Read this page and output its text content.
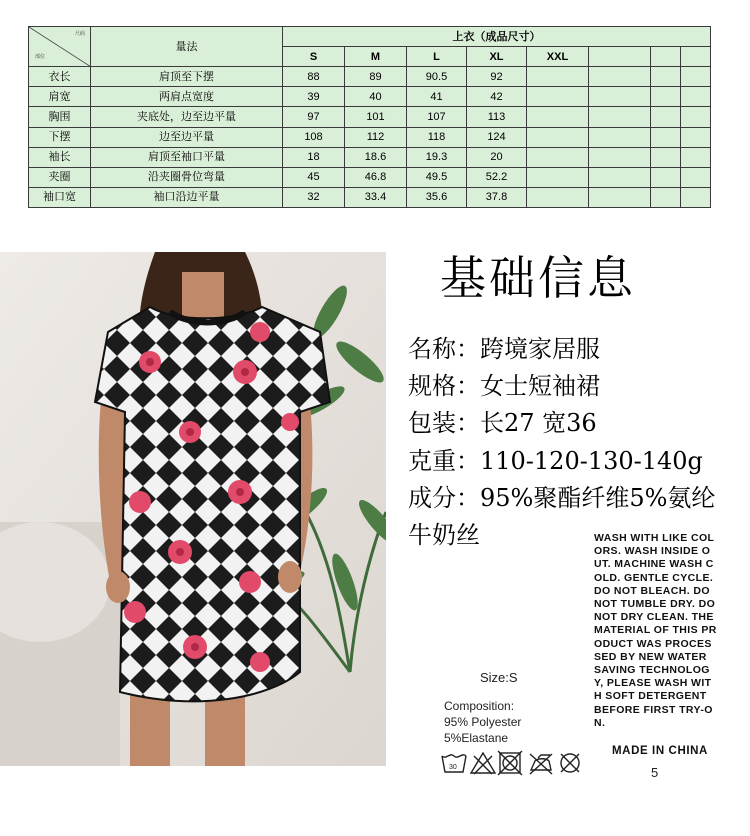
尺码
部位	量法	上衣（成品尺寸）							
		S	M	L	XL	XXL			
衣长	肩顶至下摆	88	89	90.5	92				
肩宽	两肩点宽度	39	40	41	42				
胸围	夹底处，边至边平量	97	101	107	113				
下摆	边至边平量	108	112	118	124				
袖长	肩顶至袖口平量	18	18.6	19.3	20				
夹圈	沿夹圈骨位弯量	45	46.8	49.5	52.2				
袖口宽	袖口沿边平量	32	33.4	35.6	37.8				
基础信息
名称：跨境家居服
规格：女士短袖裙
包装：长27 宽36
克重：110-120-130-140g
成分：95%聚酯纤维5%氨纶
牛奶丝	WASH WITH LIKE COL
ORS. WASH INSIDE O
UT. MACHINE WASH C
OLD. GENTLE CYCLE.
DO NOT BLEACH. DO
NOT TUMBLE DRY. DO
NOT DRY CLEAN. THE
MATERIAL OF THIS PR
ODUCT WAS PROCES
SED BY NEW WATER
SAVING TECHNOLOG
Y, PLEASE WASH WIT
H SOFT DETERGENT
BEFORE FIRST TRY-O
N.
Size:S
Composition:
95% Polyester
5%Elastane
30
MADE IN CHINA
5
